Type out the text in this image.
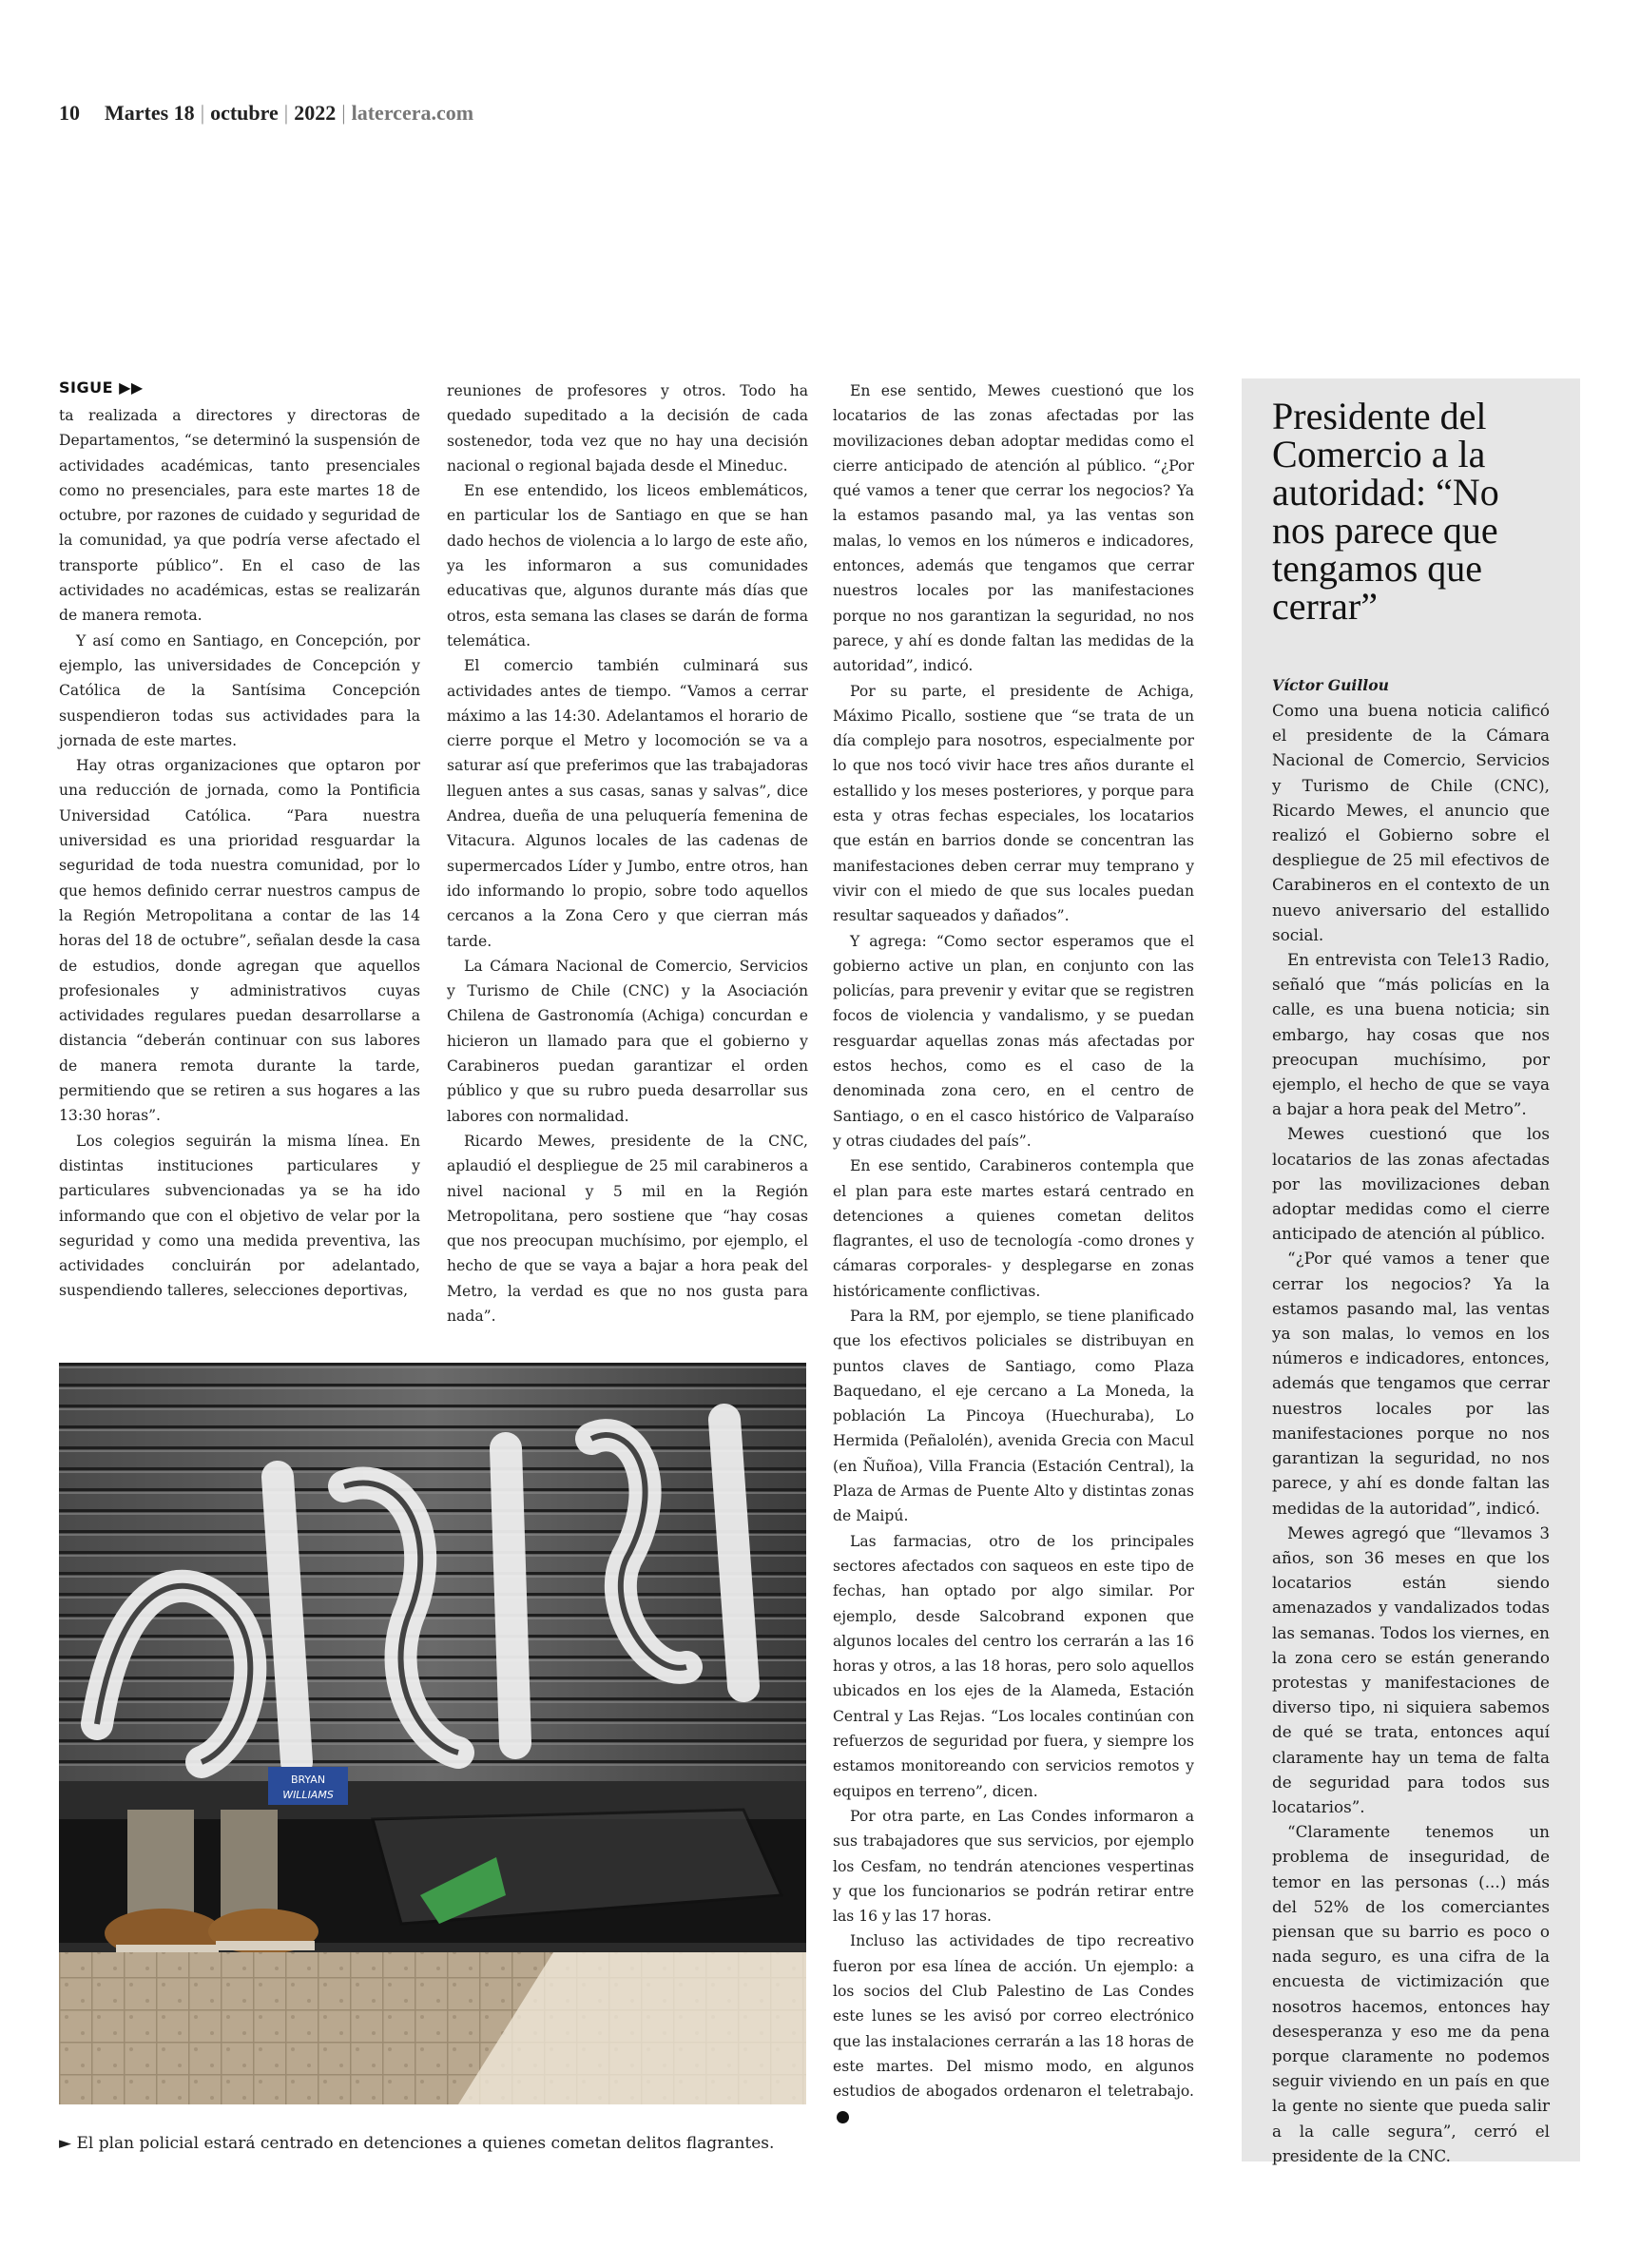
10 Martes 18 | octubre | 2022 | latercera.com
SIGUE ▶▶

ta realizada a directores y directoras de Departamentos, “se determinó la suspensión de actividades académicas, tanto presenciales como no presenciales, para este martes 18 de octubre, por razones de cuidado y seguridad de la comunidad, ya que podría verse afectado el transporte público”. En el caso de las actividades no académicas, estas se realizarán de manera remota.

Y así como en Santiago, en Concepción, por ejemplo, las universidades de Concepción y Católica de la Santísima Concepción suspendieron todas sus actividades para la jornada de este martes.

Hay otras organizaciones que optaron por una reducción de jornada, como la Pontificia Universidad Católica. “Para nuestra universidad es una prioridad resguardar la seguridad de toda nuestra comunidad, por lo que hemos definido cerrar nuestros campus de la Región Metropolitana a contar de las 14 horas del 18 de octubre”, señalan desde la casa de estudios, donde agregan que aquellos profesionales y administrativos cuyas actividades regulares puedan desarrollarse a distancia “deberán continuar con sus labores de manera remota durante la tarde, permitiendo que se retiren a sus hogares a las 13:30 horas”.

Los colegios seguirán la misma línea. En distintas instituciones particulares y particulares subvencionadas ya se ha ido informando que con el objetivo de velar por la seguridad y como una medida preventiva, las actividades concluirán por adelantado, suspendiendo talleres, selecciones deportivas,

reuniones de profesores y otros. Todo ha quedado supeditado a la decisión de cada sostenedor, toda vez que no hay una decisión nacional o regional bajada desde el Mineduc.

En ese entendido, los liceos emblemáticos, en particular los de Santiago en que se han dado hechos de violencia a lo largo de este año, ya les informaron a sus comunidades educativas que, algunos durante más días que otros, esta semana las clases se darán de forma telemática.

El comercio también culminará sus actividades antes de tiempo. “Vamos a cerrar máximo a las 14:30. Adelantamos el horario de cierre porque el Metro y locomoción se va a saturar así que preferimos que las trabajadoras lleguen antes a sus casas, sanas y salvas”, dice Andrea, dueña de una peluquería femenina de Vitacura. Algunos locales de las cadenas de supermercados Líder y Jumbo, entre otros, han ido informando lo propio, sobre todo aquellos cercanos a la Zona Cero y que cierran más tarde.

La Cámara Nacional de Comercio, Servicios y Turismo de Chile (CNC) y la Asociación Chilena de Gastronomía (Achiga) concurdan e hicieron un llamado para que el gobierno y Carabineros puedan garantizar el orden público y que su rubro pueda desarrollar sus labores con normalidad.

Ricardo Mewes, presidente de la CNC, aplaudió el despliegue de 25 mil carabineros a nivel nacional y 5 mil en la Región Metropolitana, pero sostiene que “hay cosas que nos preocupan muchísimo, por ejemplo, el hecho de que se vaya a bajar a hora peak del Metro, la verdad es que no nos gusta para nada”.

En ese sentido, Mewes cuestionó que los locatarios de las zonas afectadas por las movilizaciones deban adoptar medidas como el cierre anticipado de atención al público. “¿Por qué vamos a tener que cerrar los negocios? Ya la estamos pasando mal, ya las ventas son malas, lo vemos en los números e indicadores, entonces, además que tengamos que cerrar nuestros locales por las manifestaciones porque no nos garantizan la seguridad, no nos parece, y ahí es donde faltan las medidas de la autoridad”, indicó.

Por su parte, el presidente de Achiga, Máximo Picallo, sostiene que “se trata de un día complejo para nosotros, especialmente por lo que nos tocó vivir hace tres años durante el estallido y los meses posteriores, y porque para esta y otras fechas especiales, los locatarios que están en barrios donde se concentran las manifestaciones deben cerrar muy temprano y vivir con el miedo de que sus locales puedan resultar saqueados y dañados”.

Y agrega: “Como sector esperamos que el gobierno active un plan, en conjunto con las policías, para prevenir y evitar que se registren focos de violencia y vandalismo, y se puedan resguardar aquellas zonas más afectadas por estos hechos, como es el caso de la denominada zona cero, en el centro de Santiago, o en el casco histórico de Valparaíso y otras ciudades del país”.

En ese sentido, Carabineros contempla que el plan para este martes estará centrado en detenciones a quienes cometan delitos flagrantes, el uso de tecnología -como drones y cámaras corporales- y desplegarse en zonas históricamente conflictivas.

Para la RM, por ejemplo, se tiene planificado que los efectivos policiales se distribuyan en puntos claves de Santiago, como Plaza Baquedano, el eje cercano a La Moneda, la población La Pincoya (Huechuraba), Lo Hermida (Peñalolén), avenida Grecia con Macul (en Ñuñoa), Villa Francia (Estación Central), la Plaza de Armas de Puente Alto y distintas zonas de Maipú.

Las farmacias, otro de los principales sectores afectados con saqueos en este tipo de fechas, han optado por algo similar. Por ejemplo, desde Salcobrand exponen que algunos locales del centro los cerrarán a las 16 horas y otros, a las 18 horas, pero solo aquellos ubicados en los ejes de la Alameda, Estación Central y Las Rejas. “Los locales continúan con refuerzos de seguridad por fuera, y siempre los estamos monitoreando con servicios remotos y equipos en terreno”, dicen.

Por otra parte, en Las Condes informaron a sus trabajadores que sus servicios, por ejemplo los Cesfam, no tendrán atenciones vespertinas y que los funcionarios se podrán retirar entre las 16 y las 17 horas.

Incluso las actividades de tipo recreativo fueron por esa línea de acción. Un ejemplo: a los socios del Club Palestino de Las Condes este lunes se les avisó por correo electrónico que las instalaciones cerrarán a las 18 horas de este martes. Del mismo modo, en algunos estudios de abogados ordenaron el teletrabajo.

BRYAN
WILLIAMS
► El plan policial estará centrado en detenciones a quienes cometan delitos flagrantes.
Presidente del Comercio a la autoridad: “No nos parece que tengamos que cerrar”
Víctor Guillou

Como una buena noticia calificó el presidente de la Cámara Nacional de Comercio, Servicios y Turismo de Chile (CNC), Ricardo Mewes, el anuncio que realizó el Gobierno sobre el despliegue de 25 mil efectivos de Carabineros en el contexto de un nuevo aniversario del estallido social.

En entrevista con Tele13 Radio, señaló que “más policías en la calle, es una buena noticia; sin embargo, hay cosas que nos preocupan muchísimo, por ejemplo, el hecho de que se vaya a bajar a hora peak del Metro”.

Mewes cuestionó que los locatarios de las zonas afectadas por las movilizaciones deban adoptar medidas como el cierre anticipado de atención al público.

“¿Por qué vamos a tener que cerrar los negocios? Ya la estamos pasando mal, las ventas ya son malas, lo vemos en los números e indicadores, entonces, además que tengamos que cerrar nuestros locales por las manifestaciones porque no nos garantizan la seguridad, no nos parece, y ahí es donde faltan las medidas de la autoridad”, indicó.

Mewes agregó que “llevamos 3 años, son 36 meses en que los locatarios están siendo amenazados y vandalizados todas las semanas. Todos los viernes, en la zona cero se están generando protestas y manifestaciones de diverso tipo, ni siquiera sabemos de qué se trata, entonces aquí claramente hay un tema de falta de seguridad para todos sus locatarios”.

“Claramente tenemos un problema de inseguridad, de temor en las personas (...) más del 52% de los comerciantes piensan que su barrio es poco o nada seguro, es una cifra de la encuesta de victimización que nosotros hacemos, entonces hay desesperanza y eso me da pena porque claramente no podemos seguir viviendo en un país en que la gente no siente que pueda salir a la calle segura”, cerró el presidente de la CNC.
